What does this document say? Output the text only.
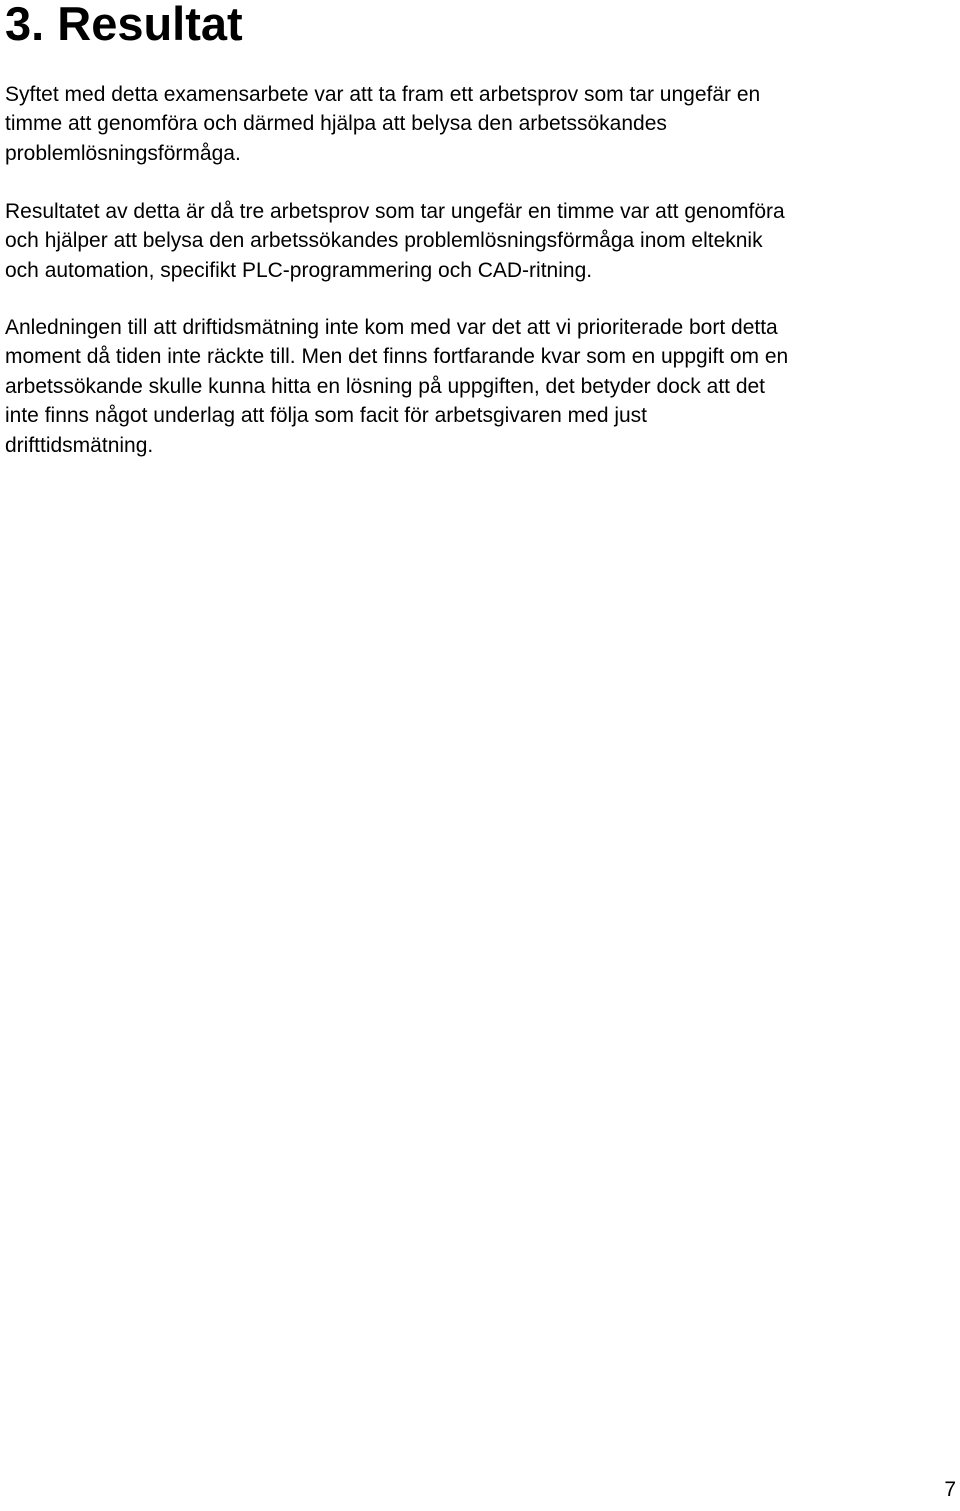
3. Resultat

Syftet med detta examensarbete var att ta fram ett arbetsprov som tar ungefär en
timme att genomföra och därmed hjälpa att belysa den arbetssökandes
problemlösningsförmåga.

Resultatet av detta är då tre arbetsprov som tar ungefär en timme var att genomföra
och hjälper att belysa den arbetssökandes problemlösningsförmåga inom elteknik
och automation, specifikt PLC-programmering och CAD-ritning.

Anledningen till att driftidsmätning inte kom med var det att vi prioriterade bort detta
moment då tiden inte räckte till. Men det finns fortfarande kvar som en uppgift om en
arbetssökande skulle kunna hitta en lösning på uppgiften, det betyder dock att det
inte finns något underlag att följa som facit för arbetsgivaren med just
drifttidsmätning.

7
